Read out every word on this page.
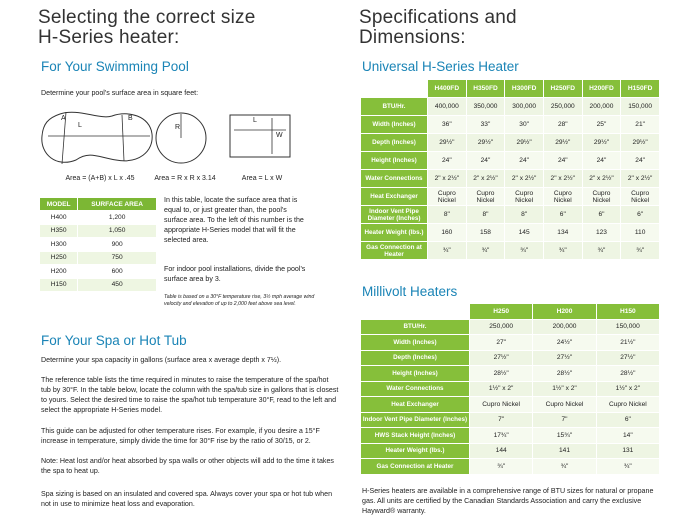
Selecting the correct size
H-Series heater:
For Your Swimming Pool
Determine your pool's surface area in square feet:
A
L
B
Area = (A+B) x L x .45
R
Area = R x R x 3.14
L
W
Area = L x W
MODEL	SURFACE AREA
H400	1,200
H350	1,050
H300	900
H250	750
H200	600
H150	450
In this table, locate the surface area that is equal to, or just greater than, the pool's surface area. To the left of this number is the appropriate H-Series model that will fit the selected area.
For indoor pool installations, divide the pool's surface area by 3.
Table is based on a 30°F temperature rise, 3½ mph average wind velocity and elevation of up to 2,000 feet above sea level.
For Your Spa or Hot Tub
Determine your spa capacity in gallons (surface area x average depth x 7½).
The reference table lists the time required in minutes to raise the temperature of the spa/hot tub by 30°F. In the table below, locate the column with the spa/tub size in gallons that is closest to yours. Select the desired time to raise the spa/hot tub temperature 30°F, read to the left and select the appropriate H-Series model.
This guide can be adjusted for other temperature rises. For example, if you desire a 15°F increase in temperature, simply divide the time for 30°F rise by the ratio of 30/15, or 2.
Note: Heat lost and/or heat absorbed by spa walls or other objects will add to the time it takes the spa to heat up.
Spa sizing is based on an insulated and covered spa. Always cover your spa or hot tub when not in use to minimize heat loss and evaporation.
Specifications and
Dimensions:
Universal H-Series Heater
	H400FD	H350FD	H300FD	H250FD	H200FD	H150FD
BTU/Hr.	400,000	350,000	300,000	250,000	200,000	150,000
Width (Inches)	36"	33"	30"	28"	25"	21"
Depth (Inches)	29½"	29½"	29½"	29½"	29½"	29½"
Height (Inches)	24"	24"	24"	24"	24"	24"
Water Connections	2" x 2½"	2" x 2½"	2" x 2½"	2" x 2½"	2" x 2½"	2" x 2½"
Heat Exchanger	Cupro Nickel	Cupro Nickel	Cupro Nickel	Cupro Nickel	Cupro Nickel	Cupro Nickel
Indoor Vent Pipe Diameter (Inches)	8"	8"	8"	6"	6"	6"
Heater Weight (lbs.)	160	158	145	134	123	110
Gas Connection at Heater	¾"	¾"	¾"	¾"	¾"	¾"
Millivolt Heaters
	H250	H200	H150
BTU/Hr.	250,000	200,000	150,000
Width (Inches)	27"	24½"	21½"
Depth (Inches)	27½"	27½"	27½"
Height (Inches)	28½"	28½"	28½"
Water Connections	1½" x 2"	1½" x 2"	1½" x 2"
Heat Exchanger	Cupro Nickel	Cupro Nickel	Cupro Nickel
Indoor Vent Pipe Diameter (Inches)	7"	7"	6"
HWS Stack Height (Inches)	17¾"	15¾"	14"
Heater Weight (lbs.)	144	141	131
Gas Connection at Heater	¾"	¾"	¾"
H-Series heaters are available in a comprehensive range of BTU sizes for natural or propane gas. All units are certified by the Canadian Standards Association and carry the exclusive Hayward® warranty.
